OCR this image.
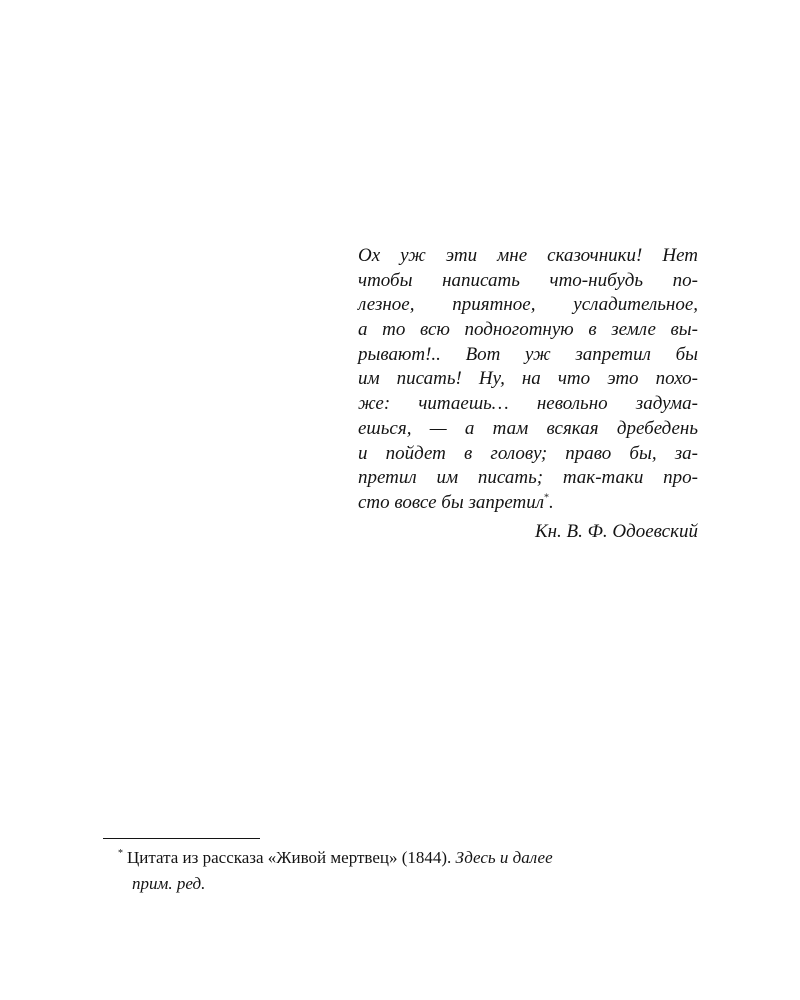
Ох уж эти мне сказочники! Нет
чтобы написать что-нибудь по-
лезное, приятное, усладительное,
а то всю подноготную в земле вы-
рывают!.. Вот уж запретил бы
им писать! Ну, на что это похо-
же: читаешь… невольно задума-
ешься, — а там всякая дребедень
и пойдет в голову; право бы, за-
претил им писать; так-таки про-
сто вовсе бы запретил*.

Кн. В. Ф. Одоевский

* Цитата из рассказа «Живой мертвец» (1844). Здесь и далее
прим. ред.
